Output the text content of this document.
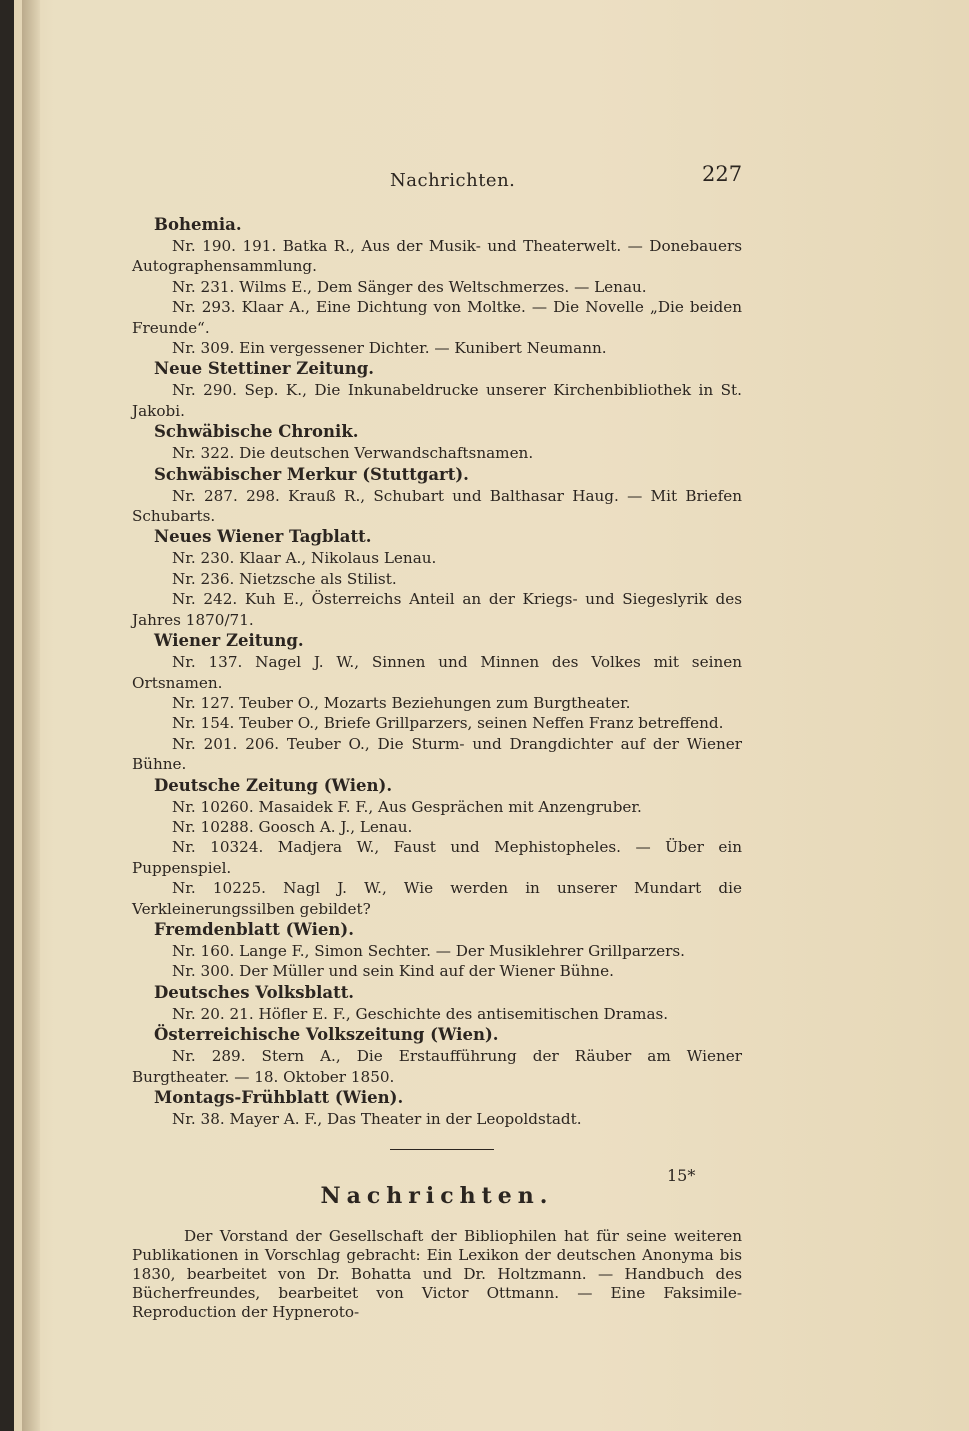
Nachrichten.	227
Bohemia.
Nr. 190. 191. Batka R., Aus der Musik- und Theaterwelt. — Donebauers Autographensammlung.
Nr. 231. Wilms E., Dem Sänger des Weltschmerzes. — Lenau.
Nr. 293. Klaar A., Eine Dichtung von Moltke. — Die Novelle „Die beiden Freunde“.
Nr. 309. Ein vergessener Dichter. — Kunibert Neumann.
Neue Stettiner Zeitung.
Nr. 290. Sep. K., Die Inkunabeldrucke unserer Kirchenbibliothek in St. Jakobi.
Schwäbische Chronik.
Nr. 322. Die deutschen Verwandschaftsnamen.
Schwäbischer Merkur (Stuttgart).
Nr. 287. 298. Krauß R., Schubart und Balthasar Haug. — Mit Briefen Schubarts.
Neues Wiener Tagblatt.
Nr. 230. Klaar A., Nikolaus Lenau.
Nr. 236. Nietzsche als Stilist.
Nr. 242. Kuh E., Österreichs Anteil an der Kriegs- und Siegeslyrik des Jahres 1870/71.
Wiener Zeitung.
Nr. 137. Nagel J. W., Sinnen und Minnen des Volkes mit seinen Ortsnamen.
Nr. 127. Teuber O., Mozarts Beziehungen zum Burgtheater.
Nr. 154. Teuber O., Briefe Grillparzers, seinen Neffen Franz betreffend.
Nr. 201. 206. Teuber O., Die Sturm- und Drangdichter auf der Wiener Bühne.
Deutsche Zeitung (Wien).
Nr. 10260. Masaidek F. F., Aus Gesprächen mit Anzengruber.
Nr. 10288. Goosch A. J., Lenau.
Nr. 10324. Madjera W., Faust und Mephistopheles. — Über ein Puppenspiel.
Nr. 10225. Nagl J. W., Wie werden in unserer Mundart die Verkleinerungssilben gebildet?
Fremdenblatt (Wien).
Nr. 160. Lange F., Simon Sechter. — Der Musiklehrer Grillparzers.
Nr. 300. Der Müller und sein Kind auf der Wiener Bühne.
Deutsches Volksblatt.
Nr. 20. 21. Höfler E. F., Geschichte des antisemitischen Dramas.
Österreichische Volkszeitung (Wien).
Nr. 289. Stern A., Die Erstaufführung der Räuber am Wiener Burgtheater. — 18. Oktober 1850.
Montags-Frühblatt (Wien).
Nr. 38. Mayer A. F., Das Theater in der Leopoldstadt.
Nachrichten.
Der Vorstand der Gesellschaft der Bibliophilen hat für seine weiteren Publikationen in Vorschlag gebracht: Ein Lexikon der deutschen Anonyma bis 1830, bearbeitet von Dr. Bohatta und Dr. Holtzmann. — Handbuch des Bücherfreundes, bearbeitet von Victor Ottmann. — Eine Faksimile-Reproduction der Hypneroto-
15*
